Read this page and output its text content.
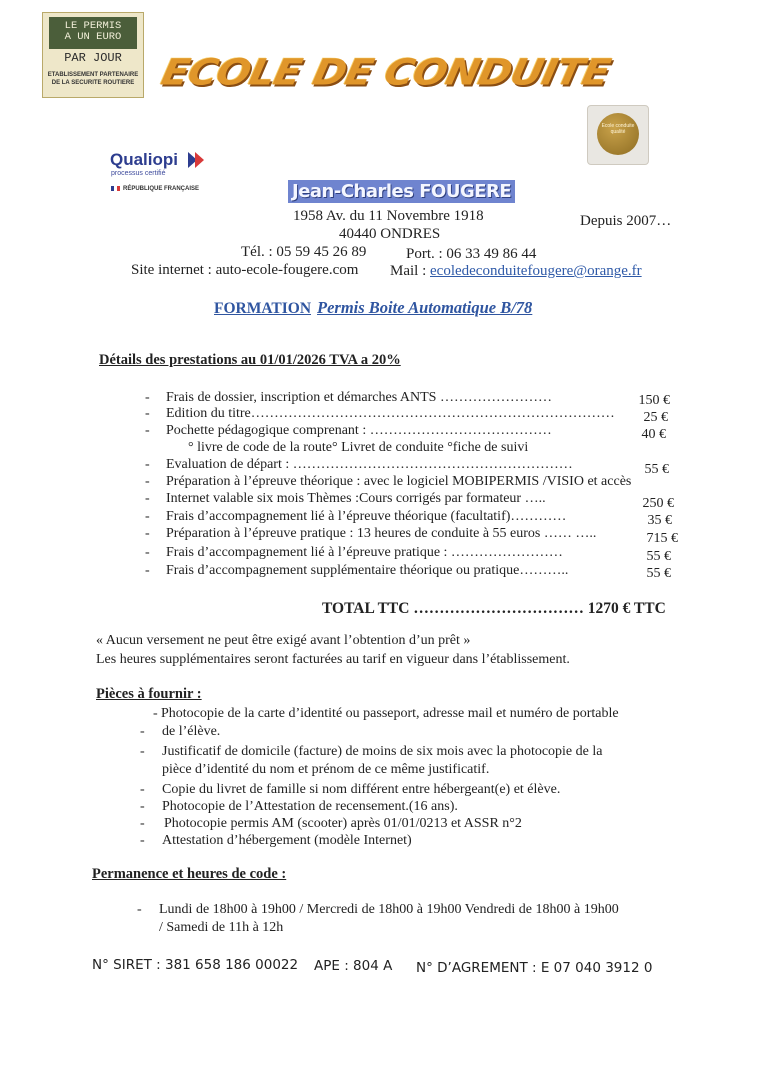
LE PERMIS
A UN EURO
PAR JOUR
ETABLISSEMENT PARTENAIRE
DE LA SECURITE ROUTIERE ECOLE DE CONDUITE
Ecole conduite qualité
Qualiopi
processus certifié
RÉPUBLIQUE FRANÇAISE	Jean-Charles FOUGERE
1958 Av. du 11 Novembre 1918	Depuis 2007…
40440 ONDRES
Tél. : 05 59 45 26 89	Port. : 06 33 49 86 44
Site internet : auto-ecole-fougere.com Mail : ecoledeconduitefougere@orange.fr
FORMATION Permis Boite Automatique B/78
Détails des prestations au 01/01/2026 TVA a 20%
- Frais de dossier, inscription et démarches ANTS ……………………	150 €
- Edition du titre……………………………………………………………………	25 €
- Pochette pédagogique comprenant : …………………………………	40 €
° livre de code de la route° Livret de conduite °fiche de suivi
- Evaluation de départ : ……………………………………………………	55 €
- Préparation à l’épreuve théorique : avec le logiciel MOBIPERMIS /VISIO et accès
- Internet valable six mois Thèmes :Cours corrigés par formateur …..	250 €
- Frais d’accompagnement lié à l’épreuve théorique (facultatif)…………	35 €
- Préparation à l’épreuve pratique : 13 heures de conduite à 55 euros …… …..	715 €
- Frais d’accompagnement lié à l’épreuve pratique : ……………………	55 €
- Frais d’accompagnement supplémentaire théorique ou pratique………..	55 €
TOTAL TTC …………………………… 1270 € TTC
« Aucun versement ne peut être exigé avant l’obtention d’un prêt »
Les heures supplémentaires seront facturées au tarif en vigueur dans l’établissement.
Pièces à fournir :
- Photocopie de la carte d’identité ou passeport, adresse mail et numéro de portable
- de l’élève.
- Justificatif de domicile (facture) de moins de six mois avec la photocopie de la
pièce d’identité du nom et prénom de ce même justificatif.
- Copie du livret de famille si nom différent entre hébergeant(e) et élève.
- Photocopie de l’Attestation de recensement.(16 ans).
- Photocopie permis AM (scooter) après 01/01/0213 et ASSR n°2
- Attestation d’hébergement (modèle Internet)
Permanence et heures de code :
- Lundi de 18h00 à 19h00 / Mercredi de 18h00 à 19h00 Vendredi de 18h00 à 19h00
/ Samedi de 11h à 12h
N° SIRET : 381 658 186 00022 APE : 804 A N° D’AGREMENT : E 07 040 3912 0
